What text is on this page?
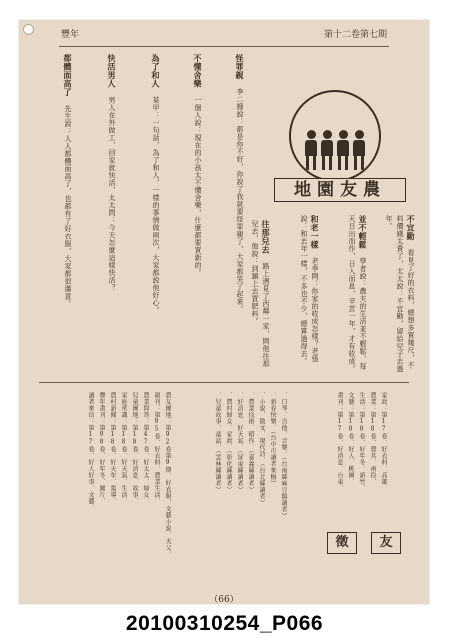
豐年	第十二卷第七期
都體面高了 先生說：人人都體面高了，也都有了好衣服，大家都很滿意。
快活男人 男人在外做工，回家就快活，太太問：今天怎麼這樣快活？
為了和人 某甲：一句話，為了和人，一樣的事情做兩次，大家都說他好心。
不懂舍樂 一個人說：現在的小孩太不懂舍樂，什麼都要買新的。
怪罪親 李二嫂說：都是你不好，你說了我就要怪罪親了，大家都笑了起來。	往那兒去 路上遇見了西鄰一家，問他往那兒去，他說：到鎮上去買肥料。	和老一樣 老李問：你家的收成怎樣？老張說：和去年一樣，不多也不少，總算過得去。	並不輕鬆 學者說：農夫的生活並不輕鬆，每天日出而作，日入而息，辛苦一年，才有收成。	不宜勤 看見了好的衣料，總想多買幾尺，不料價錢太貴了，太太說：不宜勤，留給兒子去過年。
地園友農
農友園地：第92卷第9期．好衣服，文藝小說．天父．
副刊：第95卷．好衣料．農業生活．
農業問答：第47卷．好太太．婦女．
兒童園地：第18卷．好消息．故事．
家庭常識：第18卷．好天氣．生活．
農村新聞：第18卷．好天年．報導．
豐年畫刊：第98卷．好年冬．圖片．
讀者來信：第17卷．好人好事．文藝．	．口琴．吉他．音樂．（台南縣麻豆鎮讀者）
．新春快樂．（台中市讀者來稿）
．小說．散文．現代詩．（台北縣讀者）
．農業技術．稻作．（嘉義縣讀者）
．好消息．好天氣．（屏東縣讀者）
．農村婦女．家政．（彰化縣讀者）
．兒童故事．童話．（雲林縣讀者）	家政：第17卷．好衣料．高雄．
農業：第18卷．農具．南投．
生活：第18卷．好年冬．新竹．
文藝：第18卷．好人．桃園．
畫刊：第17卷．好消息．台東．
徵	友
（66）
20100310254_P066
